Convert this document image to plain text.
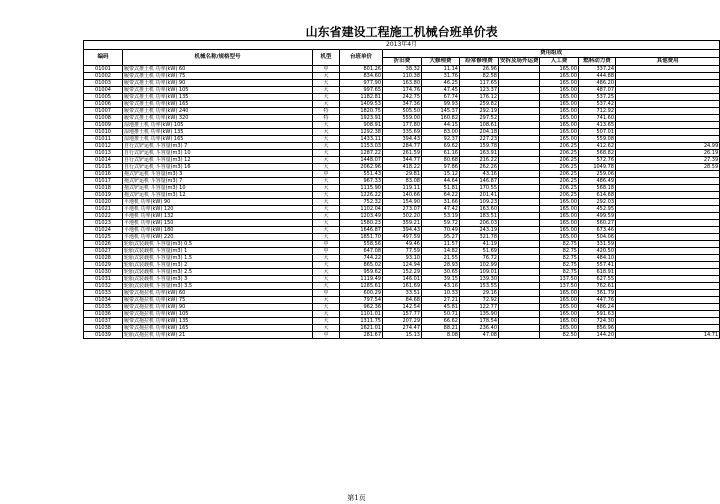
山东省建设工程施工机械台班单价表										
2013年4月										
编码	机械名称/规格型号	机型	台班单价	费用组成						
				折旧费	大修理费	经常修理费	安拆及场外运费	人工费	燃料动力费	其他费用
01001	履带式推土机 功率(kW) 60	中	801.26	38.32	11.14	26.96		165.00	337.24	
01002	履带式推土机 功率(kW) 75	大	834.60	110.38	31.76	82.58		165.00	444.88	
01003	履带式推土机 功率(kW) 90	大	977.90	163.80	46.25	117.65		165.00	486.20	
01004	履带式推土机 功率(kW) 105	大	997.65	174.76	47.45	123.37		165.00	487.07	
01005	履带式推土机 功率(kW) 135	大	1182.81	242.75	67.74	176.12		165.00	537.25	
01006	履带式推土机 功率(kW) 165	大	1409.53	347.36	99.93	259.82		165.00	537.42	
01007	履带式推土机 功率(kW) 240	特	1820.75	505.50	145.37	292.19		165.00	712.92	
01008	履带式推土机 功率(kW) 320	特	1923.91	559.00	160.82	297.52		165.00	741.60	
01009	湿地推土机 功率(kW) 105	大	908.91	177.80	44.15	108.61		165.00	413.65	
01010	湿地推土机 功率(kW) 135	大	1292.38	335.69	83.00	204.18		165.00	507.01	
01011	湿地推土机 功率(kW) 165	大	1433.11	394.43	92.37	227.23		165.00	559.08	
01012	自行式铲运机 斗容量(m3) 7	大	1153.03	284.77	69.62	159.78		206.25	412.62	24.99
01013	自行式铲运机 斗容量(m3) 10	大	1287.22	261.59	61.16	163.91		206.25	568.82	26.19
01014	自行式铲运机 斗容量(m3) 12	大	1448.07	344.77	80.68	216.22		206.25	572.76	27.39
01015	自行式铲运机 斗容量(m3) 16	大	2062.96	418.22	97.86	262.26		206.25	1049.78	28.59
01016	拖式铲运机 斗容量(m3) 3	中	551.43	29.81	15.12	43.16		206.25	259.06	
01017	拖式铲运机 斗容量(m3) 7	大	967.33	83.08	44.64	146.87		206.25	486.49	
01018	拖式铲运机 斗容量(m3) 10	大	1115.90	119.11	51.81	170.55		206.25	568.18	
01019	拖式铲运机 斗容量(m3) 12	大	1226.22	140.66	64.22	201.41		206.25	614.68	
01020	平地机 功率(kW) 90	大	752.32	154.90	31.66	109.23		165.00	292.03	
01021	平地机 功率(kW) 120	大	1102.04	273.07	47.42	163.60		165.00	452.95	
01022	平地机 功率(kW) 132	大	1203.49	302.20	53.19	183.51		165.00	499.59	
01023	平地机 功率(kW) 150	大	1580.23	359.21	59.72	206.03		165.00	560.27	
01024	平地机 功率(kW) 180	大	1646.87	394.43	70.49	243.19		165.00	673.46	
01025	平地机 功率(kW) 220	大	1851.70	497.59	95.27	321.78		165.00	504.06	
01026	轮胎式装载机 斗容量(m3) 0.5	中	558.56	49.46	11.57	41.19		82.75	331.59	
01027	轮胎式装载机 斗容量(m3) 1	中	647.08	77.59	14.82	51.69		82.75	420.50	
01028	轮胎式装载机 斗容量(m3) 1.5	大	744.22	93.10	21.55	76.72		82.75	484.10	
01029	轮胎式装载机 斗容量(m3) 2	大	865.02	124.94	28.93	102.99		82.75	557.41	
01030	轮胎式装载机 斗容量(m3) 2.5	大	959.62	152.29	30.65	109.01		82.75	618.91	
01031	轮胎式装载机 斗容量(m3) 3	大	1119.49	146.01	39.15	139.30		137.50	627.55	
01032	轮胎式装载机 斗容量(m3) 3.5	大	1285.61	161.69	43.16	153.55		137.50	762.61	
01033	履带式拖拉机 功率(kW) 60	中	600.29	33.51	10.33	29.16		165.00	361.79	
01034	履带式拖拉机 功率(kW) 75	大	797.54	84.68	27.21	72.92		165.00	447.76	
01035	履带式拖拉机 功率(kW) 90	大	962.36	142.54	45.81	122.77		165.00	486.24	
01036	履带式拖拉机 功率(kW) 105	大	1101.01	157.77	50.71	135.90		165.00	591.63	
01037	履带式拖拉机 功率(kW) 135	大	1311.75	207.29	66.62	178.54		165.00	724.30	
01038	履带式拖拉机 功率(kW) 165	大	1621.01	274.47	88.21	236.40		165.00	856.96	
01039	轮胎式拖拉机 功率(kW) 21	中	281.67	15.13	8.08	47.08		82.50	144.20	14.71
第1页
